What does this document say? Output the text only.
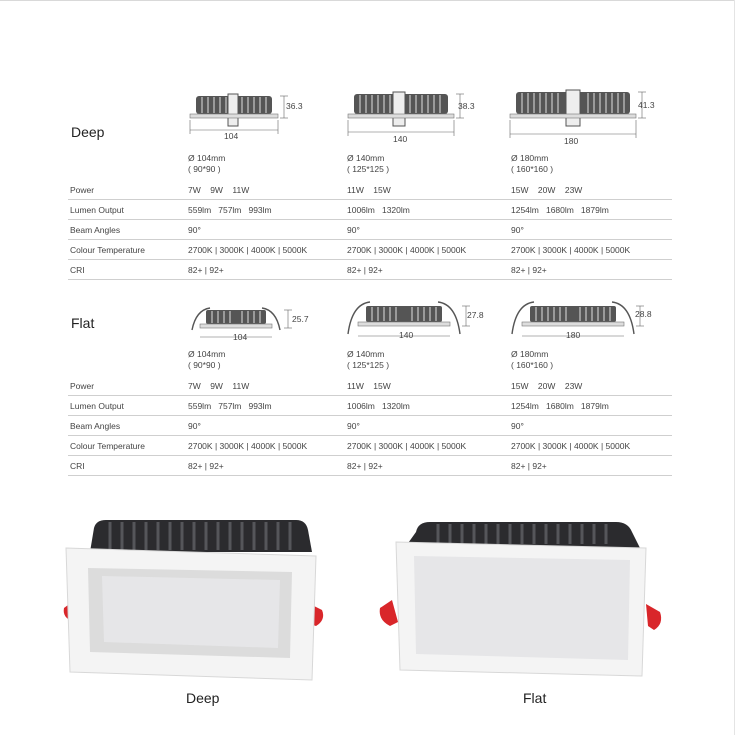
Deep	104
36.3
140
38.3
180
41.3
Ø 104mm
( 90*90 )
Ø 140mm
( 125*125 )
Ø 180mm
( 160*160 )
Power	7W    9W    11W	11W    15W	15W    20W    23W
Lumen Output	559lm   757lm   993lm	1006lm   1320lm	1254lm   1680lm   1879lm
Beam Angles	90°	90°	90°
Colour Temperature	2700K | 3000K | 4000K | 5000K	2700K | 3000K | 4000K | 5000K	2700K | 3000K | 4000K | 5000K
CRI	82+ | 92+	82+ | 92+	82+ | 92+
Flat
104
25.7
140
27.8
180
28.8
Ø 104mm
( 90*90 )
Ø 140mm
( 125*125 )
Ø 180mm
( 160*160 )
Power	7W    9W    11W	11W    15W	15W    20W    23W
Lumen Output	559lm   757lm   993lm	1006lm   1320lm	1254lm   1680lm   1879lm
Beam Angles	90°	90°	90°
Colour Temperature	2700K | 3000K | 4000K | 5000K	2700K | 3000K | 4000K | 5000K	2700K | 3000K | 4000K | 5000K
CRI	82+ | 92+	82+ | 92+	82+ | 92+
Deep	Flat
